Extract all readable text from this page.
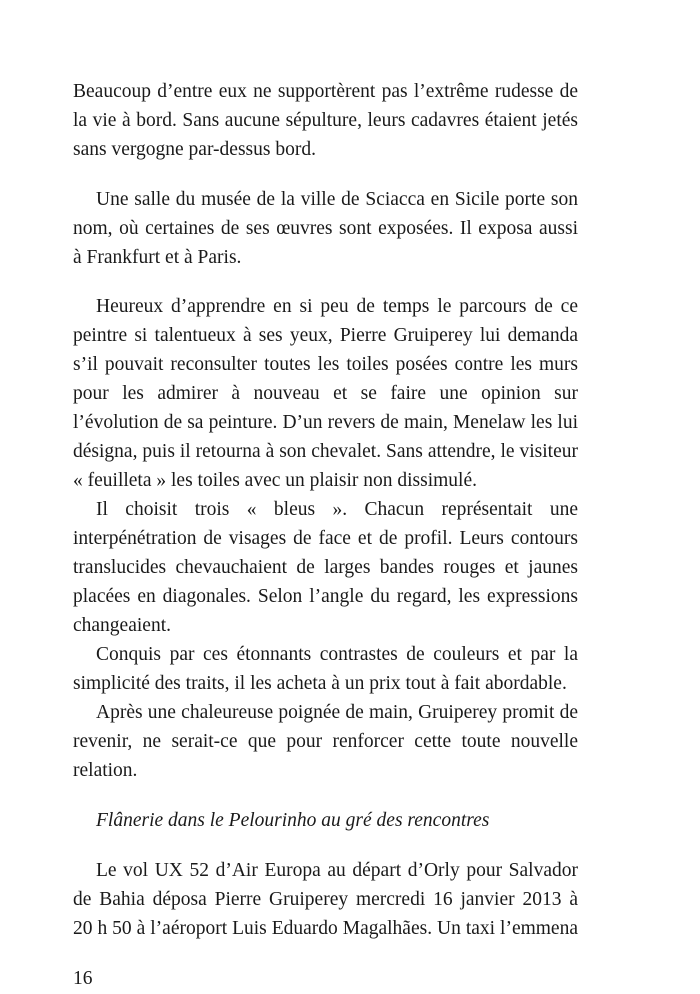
Beaucoup d’entre eux ne supportèrent pas l’extrême rudesse de
la vie à bord. Sans aucune sépulture, leurs cadavres étaient jetés
sans vergogne par-dessus bord.
Une salle du musée de la ville de Sciacca en Sicile porte son
nom, où certaines de ses œuvres sont exposées. Il exposa aussi
à Frankfurt et à Paris.
Heureux d’apprendre en si peu de temps le parcours de ce
peintre si talentueux à ses yeux, Pierre Gruiperey lui demanda
s’il pouvait reconsulter toutes les toiles posées contre les murs
pour les admirer à nouveau et se faire une opinion sur
l’évolution de sa peinture. D’un revers de main, Menelaw les lui
désigna, puis il retourna à son chevalet. Sans attendre, le visiteur
« feuilleta » les toiles avec un plaisir non dissimulé.
Il choisit trois « bleus ». Chacun représentait une
interpénétration de visages de face et de profil. Leurs contours
translucides chevauchaient de larges bandes rouges et jaunes
placées en diagonales. Selon l’angle du regard, les expressions
changeaient.
Conquis par ces étonnants contrastes de couleurs et par la
simplicité des traits, il les acheta à un prix tout à fait abordable.
Après une chaleureuse poignée de main, Gruiperey promit de
revenir, ne serait-ce que pour renforcer cette toute nouvelle
relation.
Flânerie dans le Pelourinho au gré des rencontres
Le vol UX 52 d’Air Europa au départ d’Orly pour Salvador
de Bahia déposa Pierre Gruiperey mercredi 16 janvier 2013 à
20 h 50 à l’aéroport Luis Eduardo Magalhães. Un taxi l’emmena
16
